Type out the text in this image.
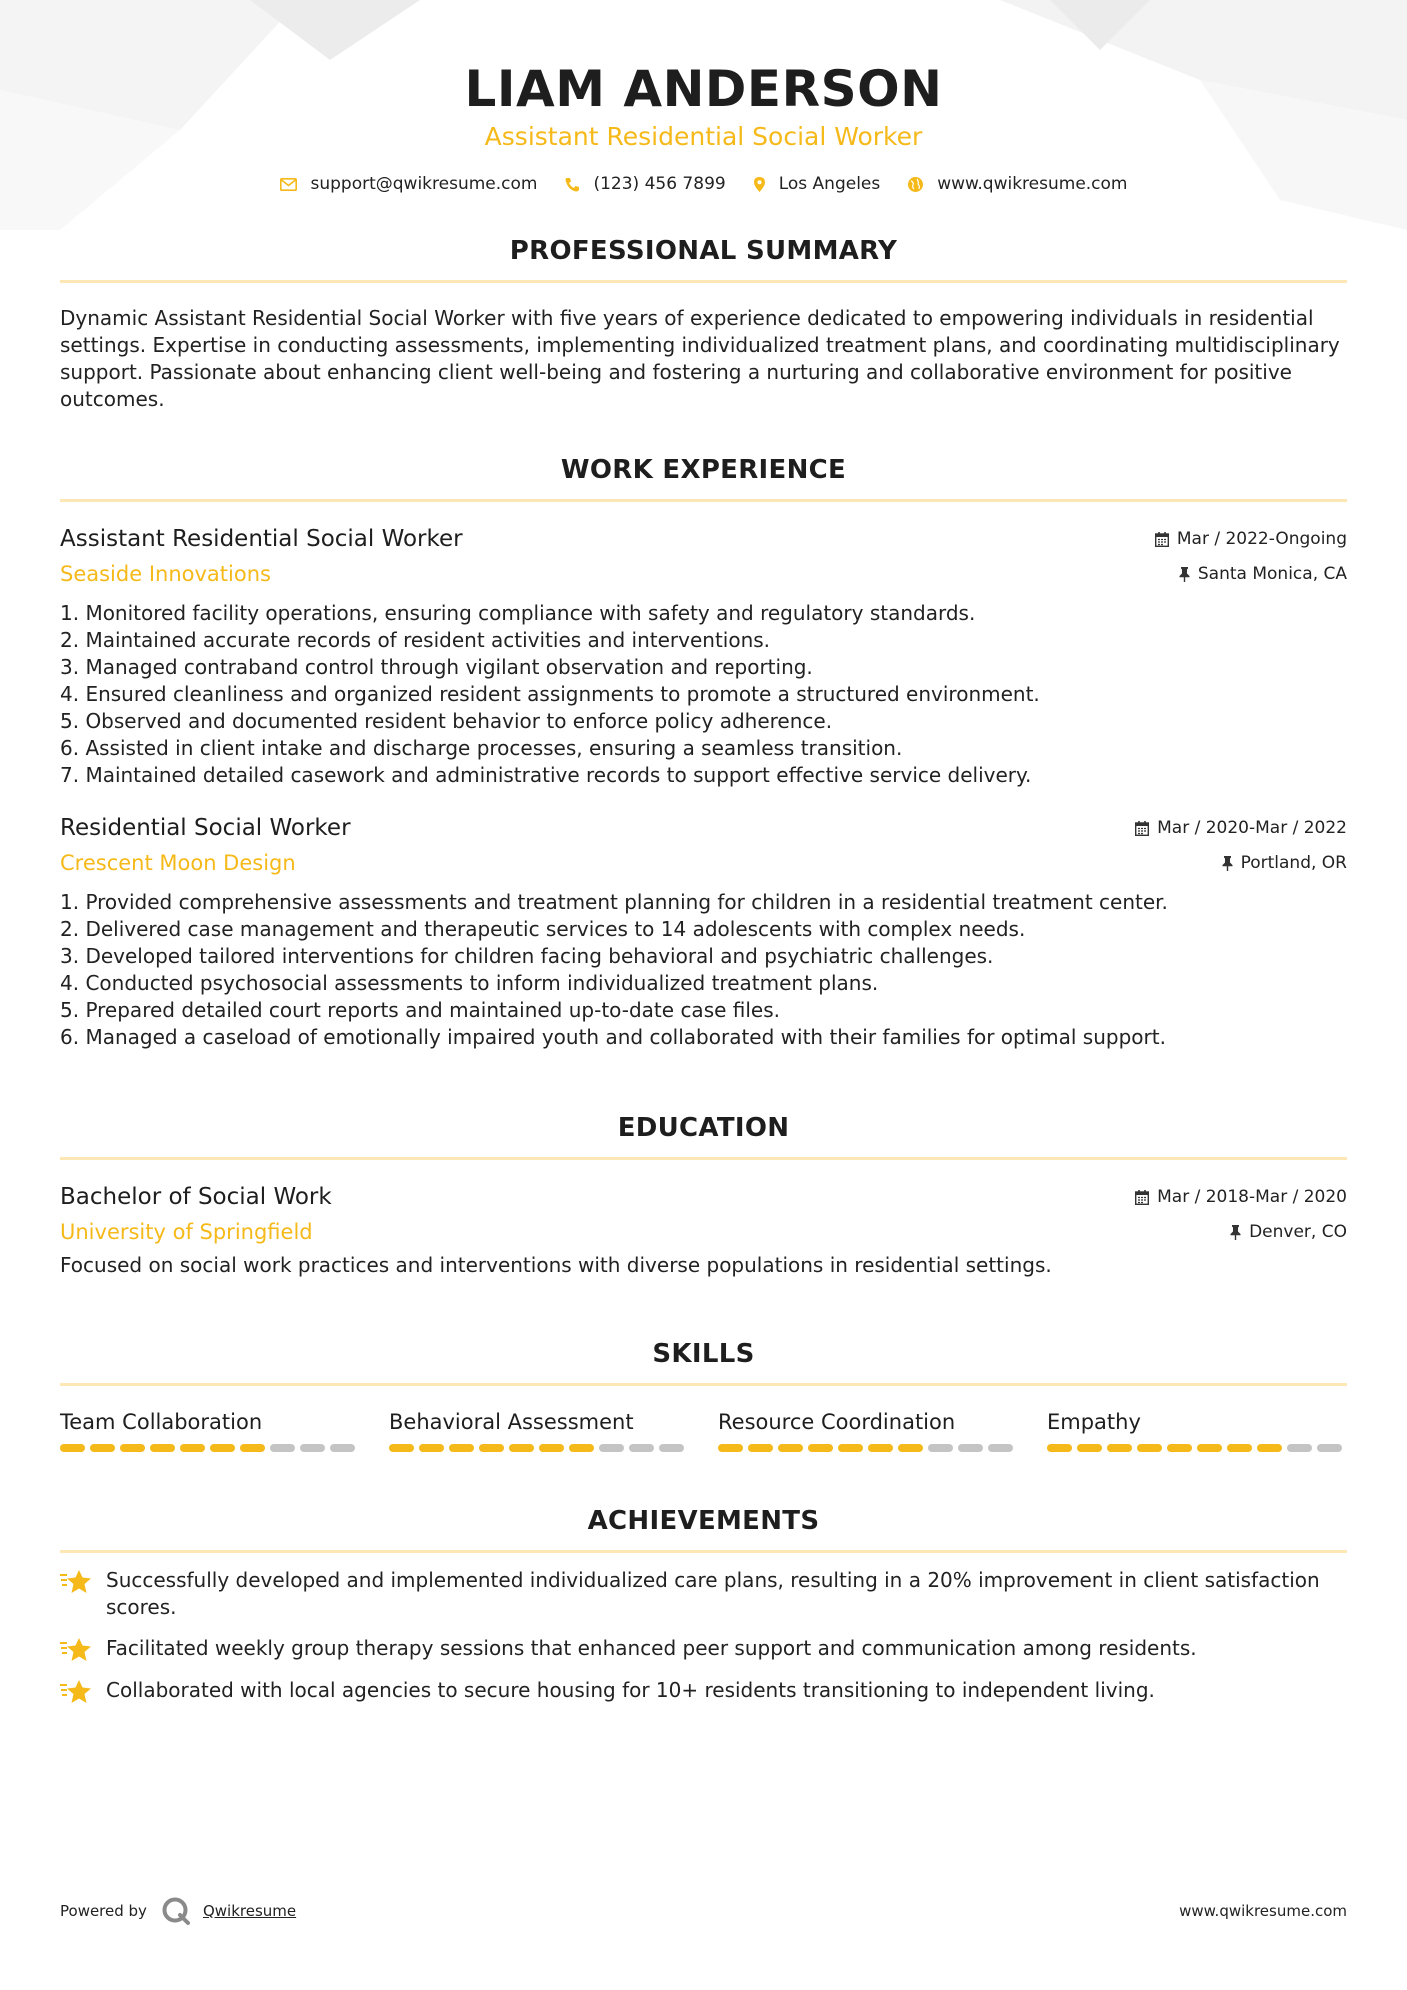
LIAM ANDERSON
Assistant Residential Social Worker
support@qwikresume.com	(123) 456 7899	Los Angeles	www.qwikresume.com
PROFESSIONAL SUMMARY

Dynamic Assistant Residential Social Worker with five years of experience dedicated to empowering individuals in residential settings. Expertise in conducting assessments, implementing individualized treatment plans, and coordinating multidisciplinary support. Passionate about enhancing client well-being and fostering a nurturing and collaborative environment for positive outcomes.

WORK EXPERIENCE
Assistant Residential Social Worker	Mar / 2022-Ongoing
Seaside Innovations	Santa Monica, CA
1. Monitored facility operations, ensuring compliance with safety and regulatory standards.
2. Maintained accurate records of resident activities and interventions.
3. Managed contraband control through vigilant observation and reporting.
4. Ensured cleanliness and organized resident assignments to promote a structured environment.
5. Observed and documented resident behavior to enforce policy adherence.
6. Assisted in client intake and discharge processes, ensuring a seamless transition.
7. Maintained detailed casework and administrative records to support effective service delivery.
Residential Social Worker	Mar / 2020-Mar / 2022
Crescent Moon Design	Portland, OR
1. Provided comprehensive assessments and treatment planning for children in a residential treatment center.
2. Delivered case management and therapeutic services to 14 adolescents with complex needs.
3. Developed tailored interventions for children facing behavioral and psychiatric challenges.
4. Conducted psychosocial assessments to inform individualized treatment plans.
5. Prepared detailed court reports and maintained up-to-date case files.
6. Managed a caseload of emotionally impaired youth and collaborated with their families for optimal support.
EDUCATION
Bachelor of Social Work	Mar / 2018-Mar / 2020
University of Springfield	Denver, CO

Focused on social work practices and interventions with diverse populations in residential settings.

SKILLS
Team Collaboration	Behavioral Assessment	Resource Coordination	Empathy
ACHIEVEMENTS
Successfully developed and implemented individualized care plans, resulting in a 20% improvement in client satisfaction scores.
Facilitated weekly group therapy sessions that enhanced peer support and communication among residents.
Collaborated with local agencies to secure housing for 10+ residents transitioning to independent living.
Powered by	Qwikresume	www.qwikresume.com
